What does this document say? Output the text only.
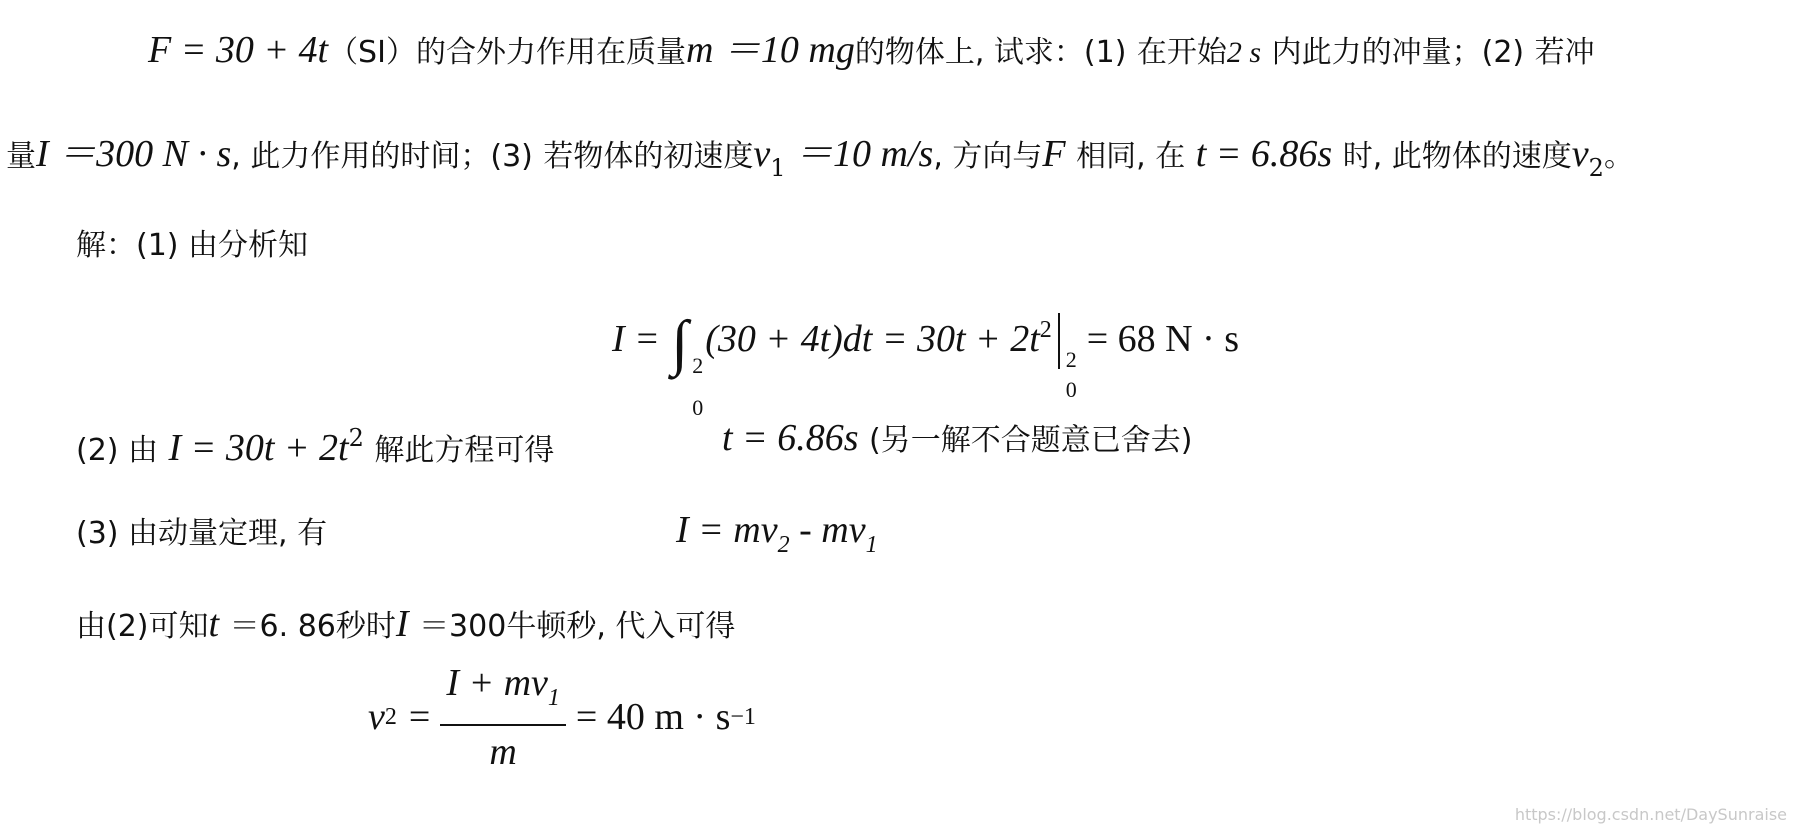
F = 30 + 4t（SI）的合外力作用在质量m ＝10 mg的物体上, 试求：(1) 在开始2 s 内此力的冲量；(2) 若冲
量I ＝300 N · s, 此力作用的时间；(3) 若物体的初速度$v_1 =10$ m/s, 方向与F 相同, 在 t = 6.86s 时, 此物体的速度$v_2$。
解：(1) 由分析知
I = ∫ 2
0
$(30 + 4t)dt = 30t + 2t^2$
2
0
= 68 N · s
(2) 由 $I = 30t + 2t^2$ 解此方程可得	t = 6.86s (另一解不合题意已舍去)
(3) 由动量定理, 有	$I = mv_2 - mv_1$
由(2)可知t ＝6. 86秒时I ＝300牛顿秒, 代入可得
v $2 = \frac{I + mv_1}{m} = 40$ m · s −1
https://blog.csdn.net/DaySunraise
